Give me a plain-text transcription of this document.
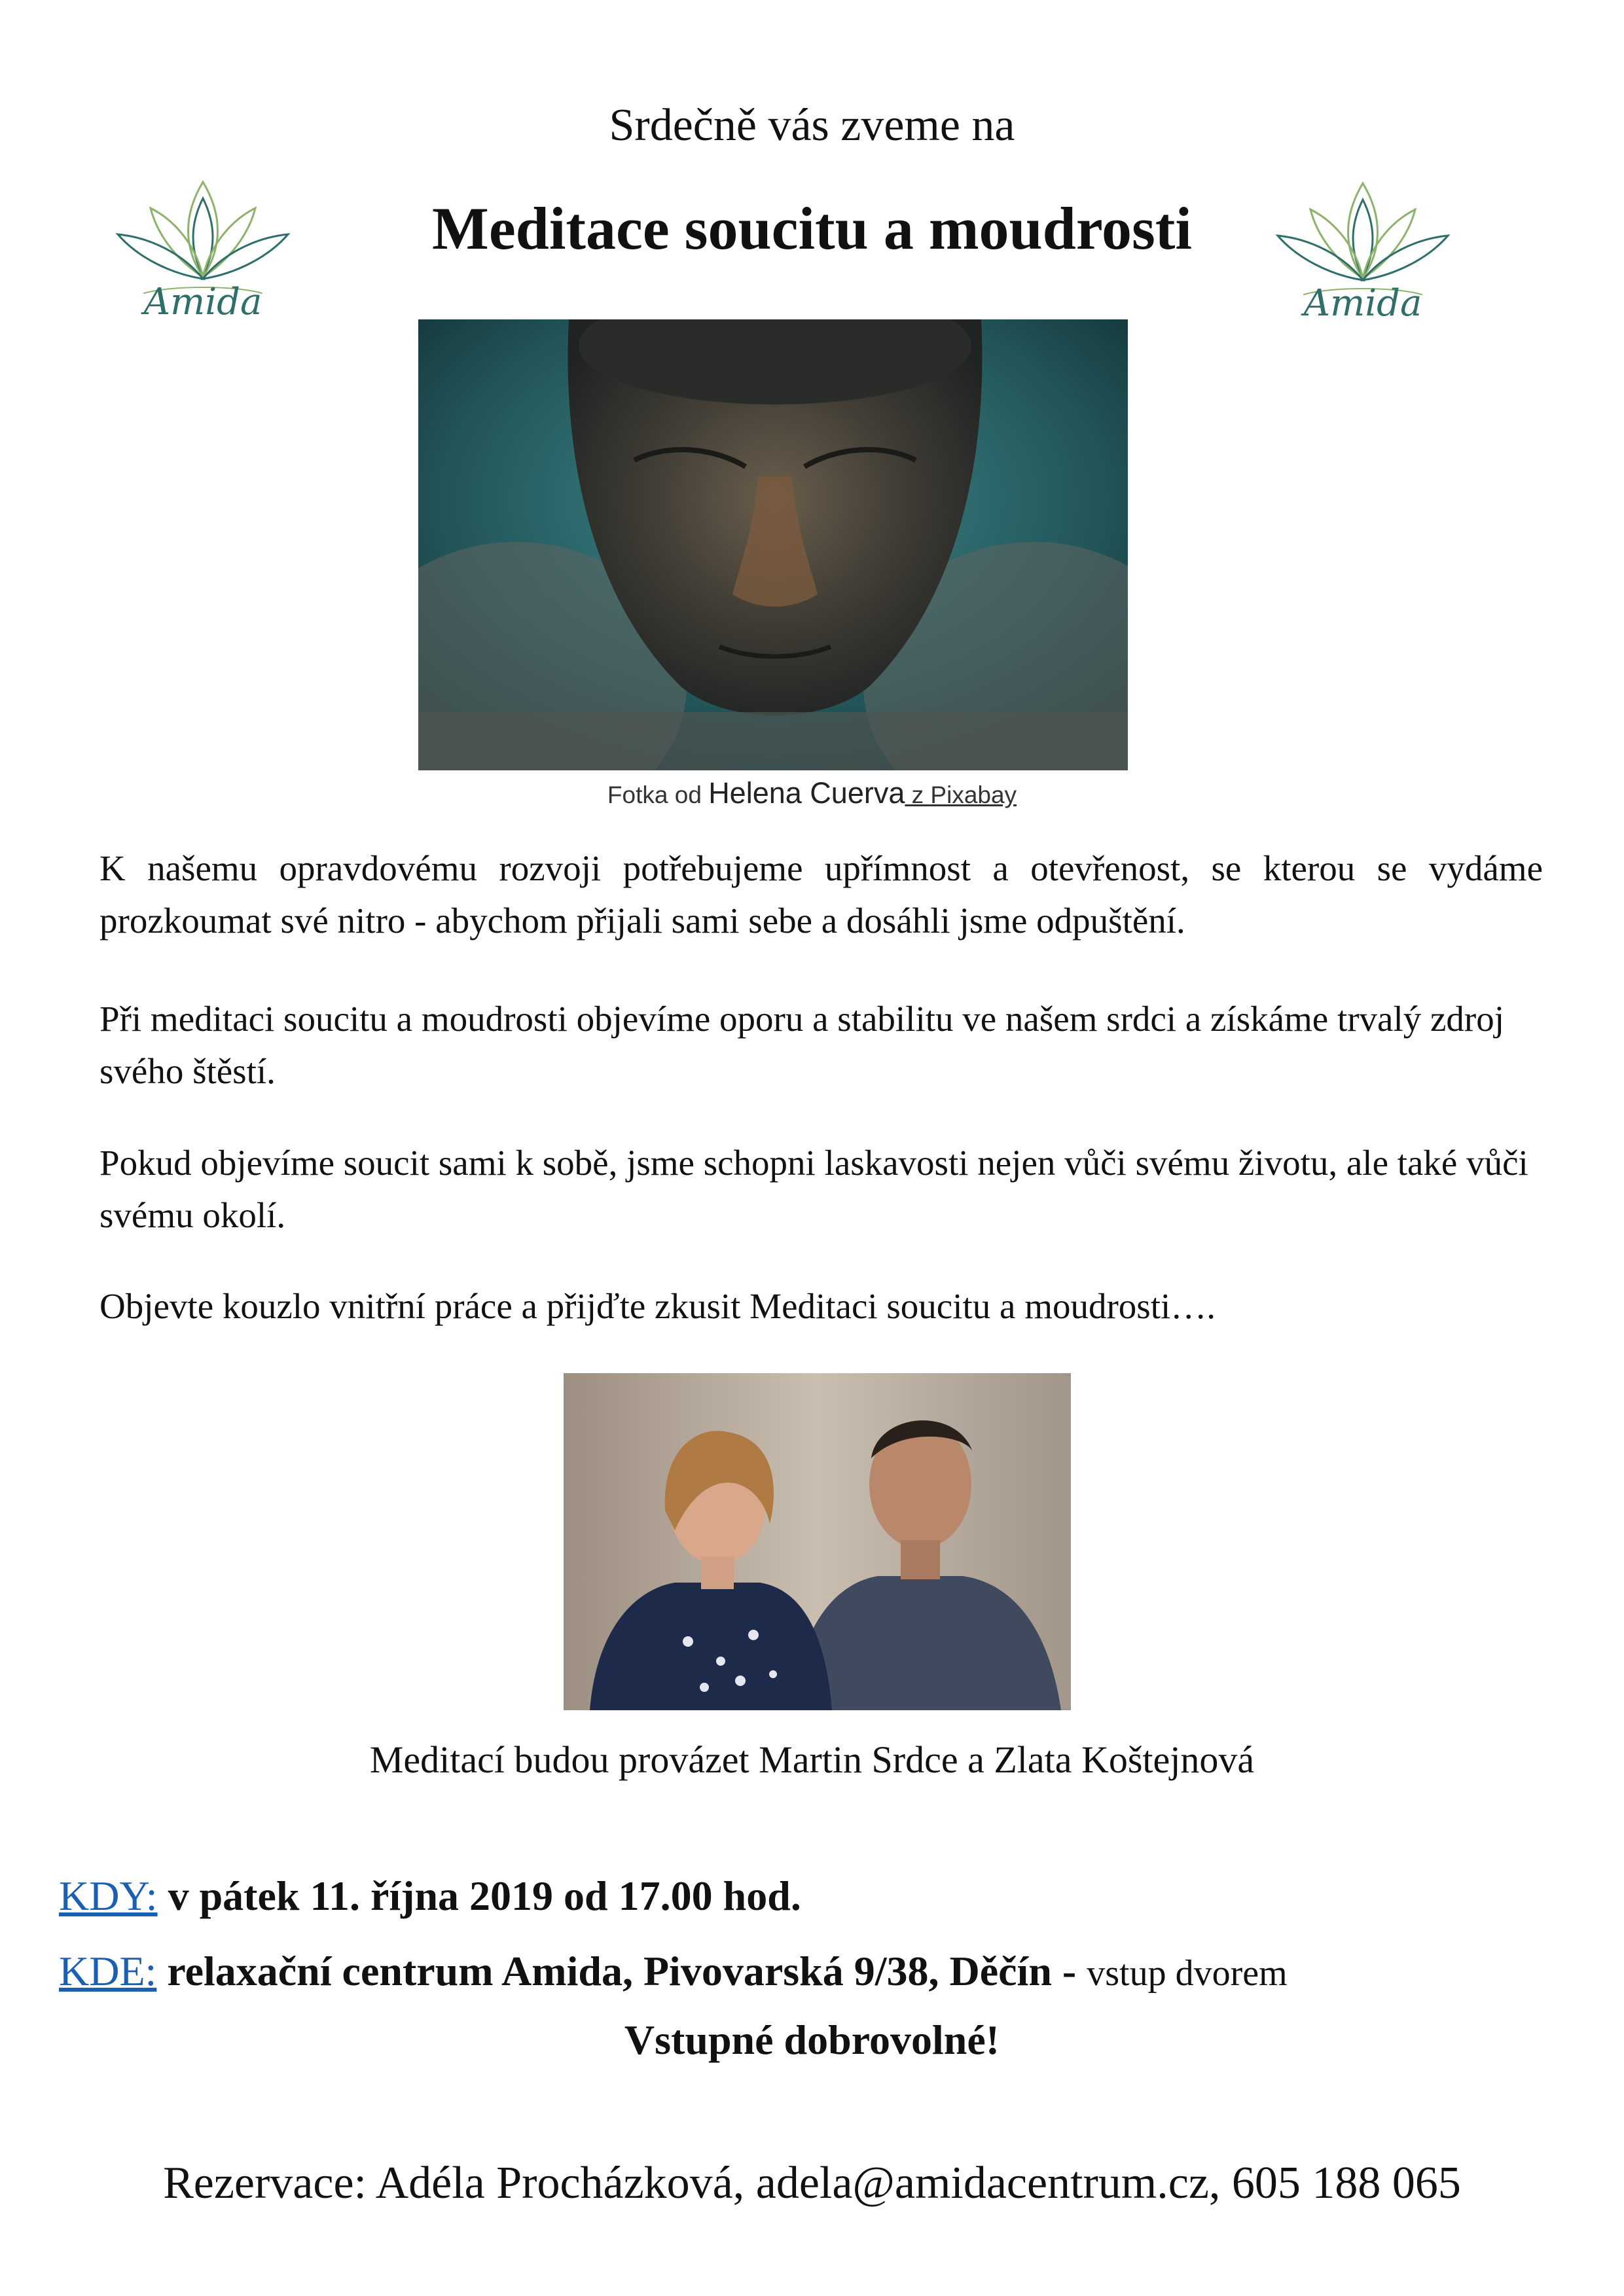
Srdečně vás zveme na
Meditace soucitu a moudrosti
Amida	Amida
Fotka od Helena Cuerva z Pixabay
K našemu opravdovému rozvoji potřebujeme upřímnost a otevřenost, se kterou se vydáme prozkoumat své nitro - abychom přijali sami sebe a dosáhli jsme odpuštění.
Při meditaci soucitu a moudrosti objevíme oporu a stabilitu ve našem srdci a získáme trvalý zdroj svého štěstí.
Pokud objevíme soucit sami k sobě, jsme schopni laskavosti nejen vůči svému životu, ale také vůči svému okolí.
Objevte kouzlo vnitřní práce a přijďte zkusit Meditaci soucitu a moudrosti….
Meditací budou provázet Martin Srdce a Zlata Koštejnová
KDY: v pátek 11. října 2019 od 17.00 hod.
KDE: relaxační centrum Amida, Pivovarská 9/38, Děčín - vstup dvorem
Vstupné dobrovolné!
Rezervace: Adéla Procházková, adela@amidacentrum.cz, 605 188 065
